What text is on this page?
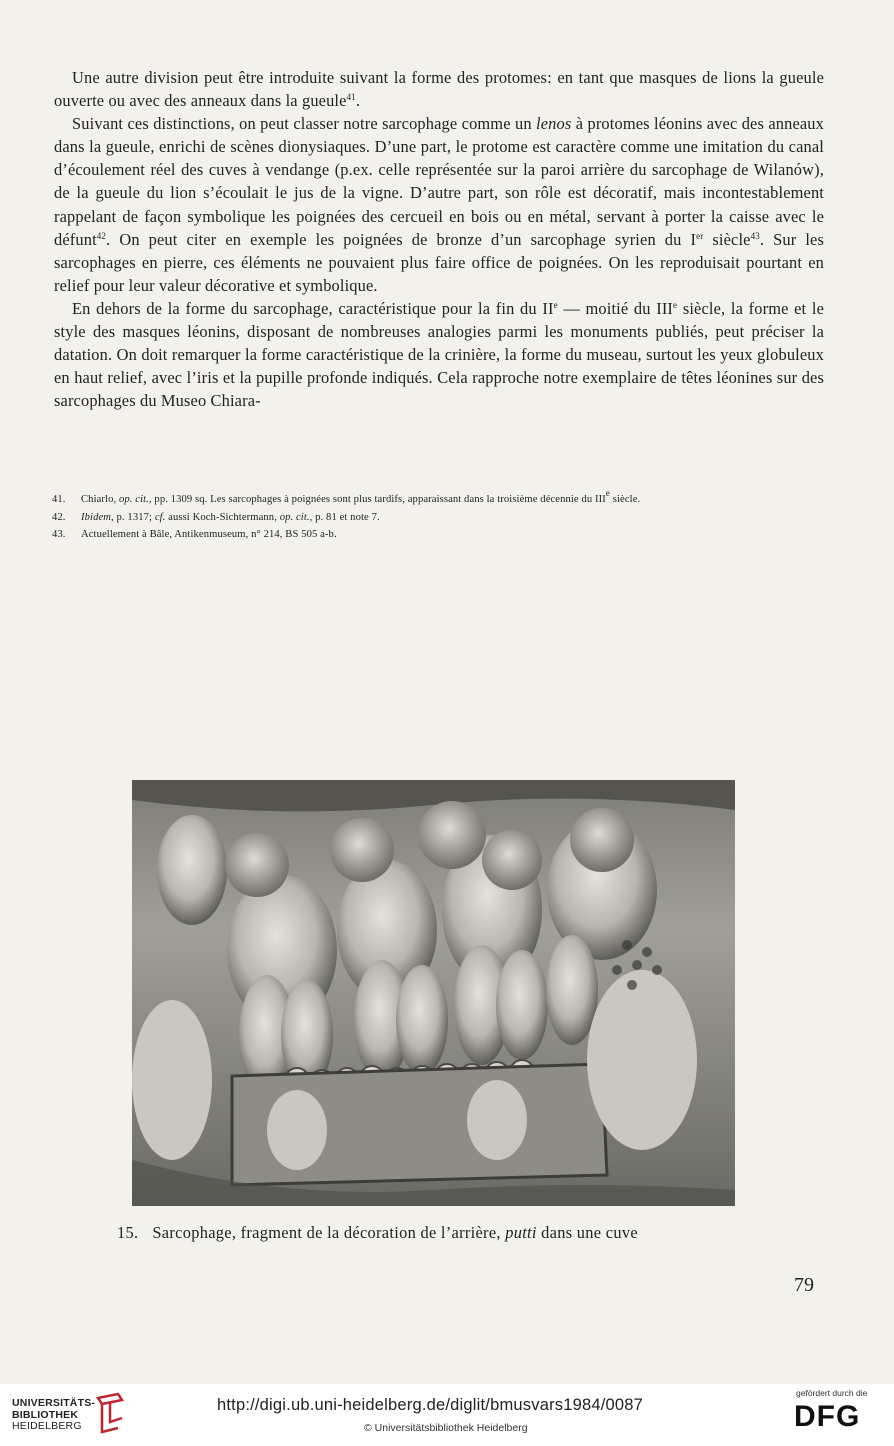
Une autre division peut être introduite suivant la forme des protomes: en tant que masques de lions la gueule ouverte ou avec des anneaux dans la gueule$^{41}$.

Suivant ces distinctions, on peut classer notre sarcophage comme un lenos à protomes léonins avec des anneaux dans la gueule, enrichi de scènes dionysiaques. D’une part, le protome est caractère comme une imitation du canal d’écoulement réel des cuves à vendange (p.ex. celle représentée sur la paroi arrière du sarcophage de Wilanów), de la gueule du lion s’écoulait le jus de la vigne. D’autre part, son rôle est décoratif, mais incontestablement rappelant de façon symbolique les poignées des cercueil en bois ou en métal, servant à porter la caisse avec le défunt$^{42}$. On peut citer en exemple les poignées de bronze d’un sarcophage syrien du Ier siècle$^{43}$. Sur les sarcophages en pierre, ces éléments ne pouvaient plus faire office de poignées. On les reproduisait pourtant en relief pour leur valeur décorative et symbolique.

En dehors de la forme du sarcophage, caractéristique pour la fin du IIe — moitié du IIIe siècle, la forme et le style des masques léonins, disposant de nombreuses analogies parmi les monuments publiés, peut préciser la datation. On doit remarquer la forme caractéristique de la crinière, la forme du museau, surtout les yeux globuleux en haut relief, avec l’iris et la pupille profonde indiqués. Cela rapproche notre exemplaire de têtes léonines sur des sarcophages du Museo Chiara-

41.	Chiarlo, op. cit., pp. 1309 sq. Les sarcophages à poignées sont plus tardifs, apparaissant dans la troisième décennie du IIIe siècle.
42.	Ibidem, p. 1317; cf. aussi Koch-Sichtermann, op. cit., p. 81 et note 7.
43.	Actuellement à Bâle, Antikenmuseum, n° 214, BS 505 a-b.
15. Sarcophage, fragment de la décoration de l’arrière, putti dans une cuve
79
UNIVERSITÄTS-
BIBLIOTHEK
HEIDELBERG
http://digi.ub.uni-heidelberg.de/diglit/bmusvars1984/0087
© Universitätsbibliothek Heidelberg
gefördert durch die
DFG
